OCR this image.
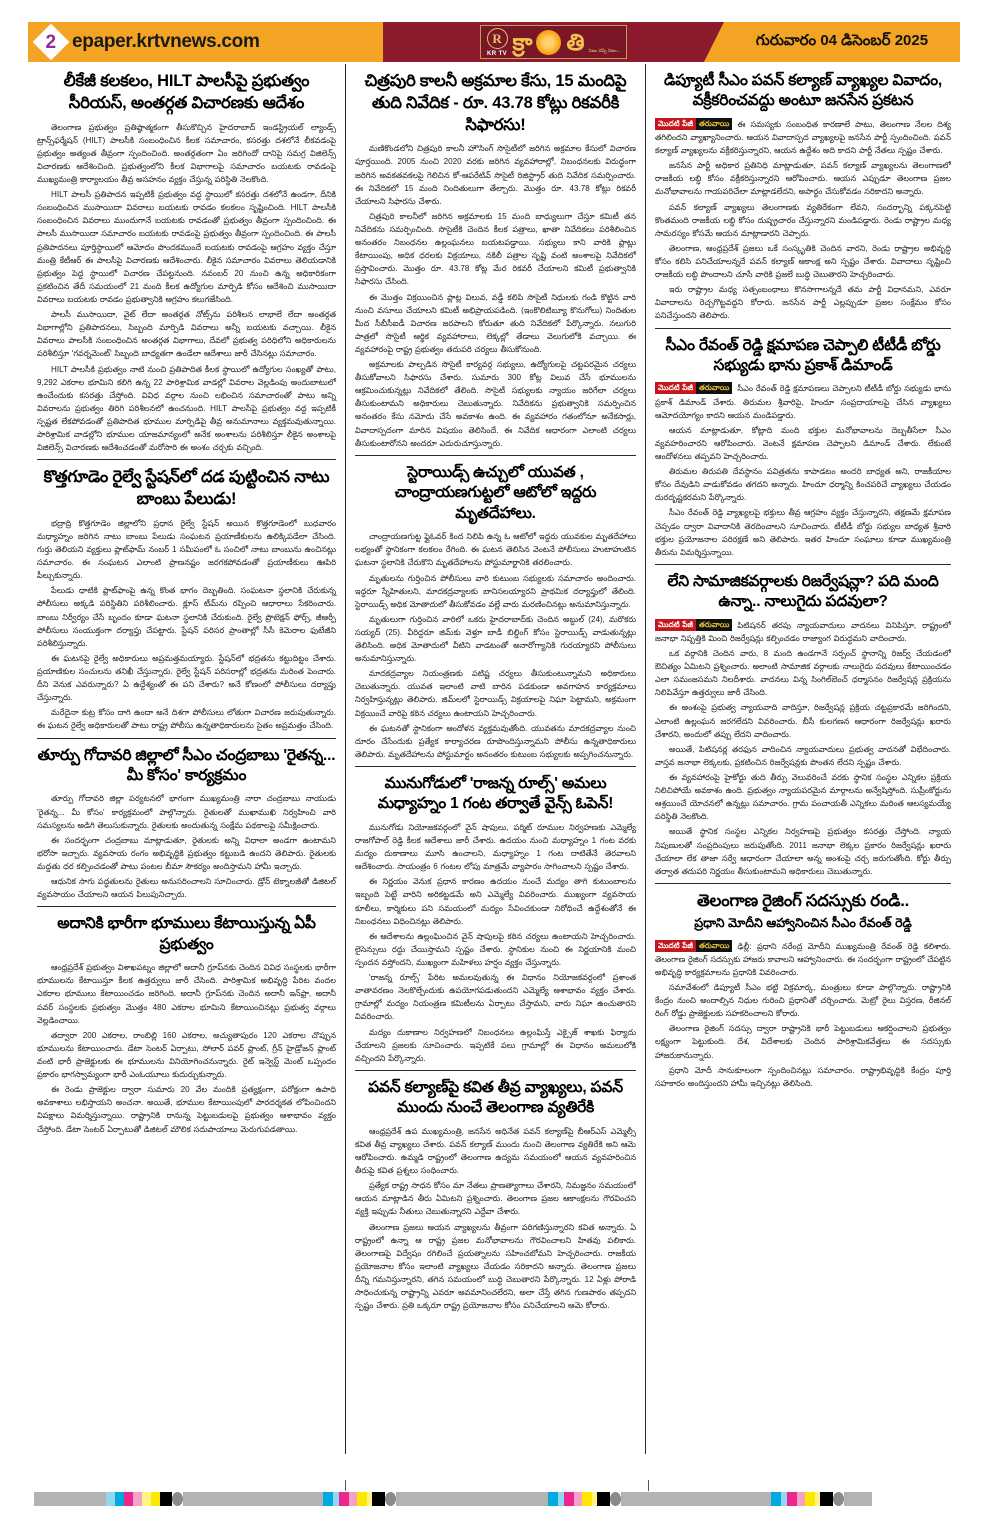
2 epaper.krtvnews.com	R
KR TV క్రా తి నిజం చెప్పే నిజం...
గురువారం 04 డిసెంబర్ 2025
లీకేజీ కలకలం, HILT పాలసీపై ప్రభుత్వం సీరియస్, అంతర్గత విచారణకు ఆదేశం

తెలంగాణ ప్రభుత్వం ప్రతిష్ఠాత్మకంగా తీసుకొచ్చిన హైదరాబాద్ ఇండస్ట్రియల్ ల్యాండ్స్ ట్రాన్స్‌ఫర్మేషన్ (HILT) పాలసీకి సంబంధించిన కీలక సమాచారం, కసరత్తు దశలోనే లీకవడంపై ప్రభుత్వం అత్యంత తీవ్రంగా స్పందించింది. అంతర్గతంగా ఏం జరిగిందో దానిపై సమగ్ర విజిలెన్స్ విచారణకు ఆదేశించింది. ప్రభుత్వంలోని కీలక విభాగాలపై సమాచారం బయటకు రావడంపై ముఖ్యమంత్రి కార్యాలయం తీవ్ర అసహనం వ్యక్తం చేస్తున్న పరిస్థితి నెలకొంది.

HILT పాలసీ ప్రతిపాదన ఇప్పటికీ ప్రభుత్వం వద్ద స్థాయిలో కసరత్తు దశలోనే ఉండగా, దీనికి సంబంధించిన ముసాయిదా వివరాలు బయటకు రావడం కలకలం సృష్టించింది. HILT పాలసీకి సంబంధించిన వివరాలు ముందుగానే బయటకు రావడంతో ప్రభుత్వం తీవ్రంగా స్పందించింది. ఈ పాలసీ ముసాయిదా సమాచారం బయటకు రావడంపై ప్రభుత్వం తీవ్రంగా స్పందించింది. ఈ పాలసీ ప్రతిపాదనలు పూర్తిస్థాయిలో ఆమోదం పొందకముందే బయటకు రావడంపై ఆగ్రహం వ్యక్తం చేస్తూ మంత్రి కేటీఆర్ ఈ పాలసీపై విచారణకు ఆదేశించారు. లీకైన సమాచారం వివరాలు తెలియడానికి ప్రభుత్వం పెద్ద స్థాయిలో విచారణ చేపట్టనుంది. నవంబర్ 20 నుంచి ఉన్న అధికారికంగా ప్రకటించిన తేదీ సమయంలో 21 మంది కీలక ఉద్యోగుల మార్పిడి కోసం ఆదేశించి ముసాయిదా వివరాలు బయటకు రావడం ప్రభుత్వానికి ఆగ్రహం కలుగజేసింది.

పాలసీ ముసాయిదా, వైట్ లేదా అంతర్గత నోట్స్‌ను పరిశీలన లాభాలే లేదా అంతర్గత విభాగాల్లోని ప్రతిపాదనలు, సిబ్బంది మార్పిడి వివరాలు అన్నీ బయటకు వచ్చాయి. లీకైన వివరాలు పాలసీకి సంబంధించిన అంతర్గత విభాగాలు, దేవలో ప్రభుత్వ పరిధిలోని అధికారులను పరిశీలిస్తూ 'గవర్నమెంట్‌' సిబ్బంది బాధ్యతగా ఉండేలా ఆదేశాలు జారీ చేసినట్లు సమాచారం.

HILT పాలసీకి ప్రభుత్వం నాటి నుంచి ప్రతిపాదిత కీలక స్థాయిలో ఉద్యోగుల సంఖ్యతో పాటు, 9,292 ఎకరాల భూమిని కలిగి ఉన్న 22 పారిశ్రామిక వాడల్లో వివరాల వెల్లడింపు అందుబాటులో ఉంచేందుకు కసరత్తు చేస్తోంది. వివిధ వర్గాల నుంచి లభించిన సమాచారంతో పాటు అన్ని వివరాలను ప్రభుత్వం తిరిగి పరిశీలనలో ఉంచనుంది. HILT పాలసీపై ప్రభుత్వం వద్ద ఇప్పటికీ స్పష్టత లేకపోవడంతో ప్రతిపాదిత భూముల మార్పిడిపై తీవ్ర అనుమానాలు వ్యక్తమవుతున్నాయి. పారిశ్రామిక వాడల్లోని భూముల యాజమాన్యంలో అనేక అంశాలను పరిశీలిస్తూ లీకైన అంశాలపై విజిలెన్స్ విచారణకు ఆదేశించడంతో మరోసారి ఈ అంశం చర్చకు వచ్చింది.

కొత్తగూడెం రైల్వే స్టేషన్‌లో దడ పుట్టించిన నాటు బాంబు పేలుడు!

భద్రాద్రి కొత్తగూడెం జిల్లాలోని ప్రధాన రైల్వే స్టేషన్ అయిన కొత్తగూడెంలో బుధవారం మధ్యాహ్నం జరిగిన నాటు బాంబు పేలుడు సంఘటన ప్రయాణీకులను ఉలిక్కిపడేలా చేసింది. గుర్తు తెలియని వ్యక్తులు ప్లాట్‌ఫామ్ నంబర్ 1 సమీపంలో ఓ సంచిలో నాటు బాంబును ఉంచినట్లు సమాచారం. ఈ సంఘటన ఎలాంటి ప్రాణనష్టం జరగకపోవడంతో ప్రయాణీకులు ఊపిరి పీల్చుకున్నారు.

పేలుడు ధాటికి ప్లాట్‌ఫాంపై ఉన్న కొంత భాగం దెబ్బతింది. సంఘటనా స్థలానికి చేరుకున్న పోలీసులు అక్కడి పరిస్థితిని పరిశీలించారు. క్లూస్ టీమ్‌ను రప్పించి ఆధారాలు సేకరించారు. బాంబు నిర్వీర్యం చేసే బృందం కూడా ఘటనా స్థలానికి చేరుకుంది. రైల్వే ప్రొటెక్షన్ ఫోర్స్, జీఆర్పీ పోలీసులు సంయుక్తంగా దర్యాప్తు చేపట్టారు. స్టేషన్ పరిసర ప్రాంతాల్లో సీసీ కెమెరాల ఫుటేజీని పరిశీలిస్తున్నారు.

ఈ ఘటనపై రైల్వే అధికారులు అప్రమత్తమయ్యారు. స్టేషన్‌లో భద్రతను కట్టుదిట్టం చేశారు. ప్రయాణికుల సంచులను తనిఖీ చేస్తున్నారు. రైల్వే స్టేషన్ పరిసరాల్లో భద్రతను మరింత పెంచారు. దీని వెనుక ఎవరున్నారు? ఏ ఉద్దేశ్యంతో ఈ పని చేశారు? అనే కోణంలో పోలీసులు దర్యాప్తు చేస్తున్నారు.

మరేదైనా కుట్ర కోసం దాగి ఉందా అనే దిశగా పోలీసులు లోతుగా విచారణ జరుపుతున్నారు. ఈ ఘటన రైల్వే అధికారులతో పాటు రాష్ట్ర పోలీసు ఉన్నతాధికారులను సైతం అప్రమత్తం చేసింది.

తూర్పు గోదావరి జిల్లాలో సీఎం చంద్రబాబు 'రైతన్న... మీ కోసం' కార్యక్రమం

తూర్పు గోదావరి జిల్లా పర్యటనలో భాగంగా ముఖ్యమంత్రి నారా చంద్రబాబు నాయుడు 'రైతన్న... మీ కోసం' కార్యక్రమంలో పాల్గొన్నారు. రైతులతో ముఖాముఖి నిర్వహించి వారి సమస్యలను అడిగి తెలుసుకున్నారు. రైతులకు అందుతున్న సంక్షేమ పథకాలపై సమీక్షించారు.

ఈ సందర్భంగా చంద్రబాబు మాట్లాడుతూ, రైతులకు అన్ని విధాలా అండగా ఉంటామని భరోసా ఇచ్చారు. వ్యవసాయ రంగం అభివృద్ధికి ప్రభుత్వం కట్టుబడి ఉందని తెలిపారు. రైతులకు మద్దతు ధర కల్పించడంతో పాటు పంటల బీమా సౌకర్యం అందిస్తామని హామీ ఇచ్చారు.

ఆధునిక సాగు పద్ధతులను రైతులు అనుసరించాలని సూచించారు. డ్రోన్ టెక్నాలజీతో డిజిటల్ వ్యవసాయం చేయాలని ఆయన పిలుపునిచ్చారు.

అదానికి భారీగా భూములు కేటాయిస్తున్న ఏపీ ప్రభుత్వం

ఆంధ్రప్రదేశ్ ప్రభుత్వం విశాఖపట్నం జిల్లాలో అదానీ గ్రూప్‌నకు చెందిన వివిధ సంస్థలకు భారీగా భూములను కేటాయిస్తూ కీలక ఉత్తర్వులు జారీ చేసింది. పారిశ్రామిక అభివృద్ధి పేరిట వందల ఎకరాల భూములు కేటాయించడం జరిగింది. అదానీ గ్రూప్‌నకు చెందిన అదానీ ఇన్‌ఫ్రా, అదానీ పవర్ సంస్థలకు ప్రభుత్వం మొత్తం 480 ఎకరాల భూమిని కేటాయించినట్లు ప్రభుత్వ వర్గాలు వెల్లడించాయి.

తద్వారా 200 ఎకరాల, రాంబిల్లి 160 ఎకరాల, అచ్యుతాపురం 120 ఎకరాల చొప్పున భూములను కేటాయించారు. డేటా సెంటర్ ఏర్పాటు, సోలార్ పవర్ ప్లాంట్, గ్రీన్ హైడ్రోజన్ ప్లాంట్ వంటి భారీ ప్రాజెక్టులకు ఈ భూములను వినియోగించనున్నారు. రైట్ ఇన్వెస్ట్ మెంట్ ఒప్పందం ప్రకారం భాగస్వామ్యంగా భారీ ఎంఓయూలు కుదుర్చుకున్నారు.

ఈ రెండు ప్రాజెక్టుల ద్వారా సుమారు 20 వేల మందికి ప్రత్యక్షంగా, పరోక్షంగా ఉపాధి అవకాశాలు లభిస్తాయని అంచనా. అయితే, భూముల కేటాయింపులో పారదర్శకత లోపించిందని విపక్షాలు విమర్శిస్తున్నాయి. రాష్ట్రానికి రానున్న పెట్టుబడులపై ప్రభుత్వం ఆశాభావం వ్యక్తం చేస్తోంది. డేటా సెంటర్ ఏర్పాటుతో డిజిటల్ మౌలిక సదుపాయాలు మెరుగుపడతాయి.

చిత్రపురి కాలనీ అక్రమాల కేసు, 15 మందిపై తుది నివేదిక - రూ. 43.78 కోట్లు రికవరీకి సిఫారసు!

మణికొండలోని చిత్రపురి కాలనీ హౌసింగ్ సొసైటీలో జరిగిన అక్రమాల కేసులో విచారణ పూర్తయింది. 2005 నుంచి 2020 వరకు జరిగిన వ్యవహారాల్లో, నిబంధనలకు విరుద్ధంగా జరిగిన అవకతవకలపై గెలిచిన కో-ఆపరేటివ్ సొసైటీ రిజిస్ట్రార్ తుది నివేదిక సమర్పించారు. ఈ నివేదికలో 15 మంది నిందితులుగా తేల్చారు. మొత్తం రూ. 43.78 కోట్లు రికవరీ చేయాలని సిఫారసు చేశారు.

చిత్రపురి కాలనీలో జరిగిన అక్రమాలకు 15 మంది బాధ్యులుగా చేస్తూ కమిటీ తన నివేదికను సమర్పించింది. సొసైటీకి చెందిన కీలక పత్రాలు, ఖాతా నివేదికలు పరిశీలించిన అనంతరం నిబంధనల ఉల్లంఘనలు బయటపడ్డాయి. సభ్యులు కాని వారికి ప్లాట్లు కేటాయింపు, అధిక ధరలకు విక్రయాలు, నకిలీ పత్రాల సృష్టి వంటి అంశాలపై నివేదికలో ప్రస్తావించారు. మొత్తం రూ. 43.78 కోట్ల మేర రికవరీ చేయాలని కమిటీ ప్రభుత్వానికి సిఫారసు చేసింది.

ఈ మొత్తం విక్రయించిన ప్లాట్ల విలువ, వడ్డీ కలిపి సొసైటీ నిధులకు గండి కొట్టిన వారి నుంచి వసూలు చేయాలని కమిటీ అభిప్రాయపడింది. (ఇంకొలిటిబ్యూ కొనుగోలు) నిందితుల మీద సీబీసీఐడీ విచారణ జరపాలని కోరుతూ తుది నివేదికలో పేర్కొన్నారు. నలుగురి పాత్రలో సొసైటీ ఆర్థిక వ్యవహారాలు, లెక్కల్లో తేడాలు వెలుగులోకి వచ్చాయి. ఈ వ్యవహారంపై రాష్ట్ర ప్రభుత్వం తదుపరి చర్యలు తీసుకోనుంది.

అక్రమాలకు పాల్పడిన సొసైటీ కార్యవర్గ సభ్యులు, ఉద్యోగులపై చట్టపరమైన చర్యలు తీసుకోవాలని సిఫారసు చేశారు. సుమారు 300 కోట్ల విలువ చేసే భూములను ఆక్రమించుకున్నట్లు నివేదికలో తేలింది. సొసైటీ సభ్యులకు న్యాయం జరిగేలా చర్యలు తీసుకుంటామని అధికారులు చెబుతున్నారు. నివేదికను ప్రభుత్వానికి సమర్పించిన అనంతరం కేసు నమోదు చేసే అవకాశం ఉంది. ఈ వ్యవహారం గతంలోనూ అనేకసార్లు, వివాదాస్పదంగా మారిన విషయం తెలిసిందే. ఈ నివేదిక ఆధారంగా ఎలాంటి చర్యలు తీసుకుంటారోనని అందరూ ఎదురుచూస్తున్నారు.

స్టెరాయిడ్స్ ఉచ్చులో యువత , చాంద్రాయణగుట్టలో ఆటోలో ఇద్దరు మృతదేహాలు.

చాంద్రాయణగుట్ట ఫ్లైఓవర్ కింద నిలిపి ఉన్న ఓ ఆటోలో ఇద్దరు యువకుల మృతదేహాలు లభ్యంతో స్థానికంగా కలకలం రేగింది. ఈ ఘటన తెలిసిన వెంటనే పోలీసులు హుటాహుటిన ఘటనా స్థలానికి చేరుకొని మృతదేహాలను పోస్టుమార్టానికి తరలించారు.

మృతులను గుర్తించిన పోలీసులు వారి కుటుంబ సభ్యులకు సమాచారం అందించారు. ఇద్దరూ స్నేహితులని, మాదకద్రవ్యాలకు బానిసలయ్యారని ప్రాథమిక దర్యాప్తులో తేలింది. స్టెరాయిడ్స్ అధిక మోతాదులో తీసుకోవడం వల్లే వారు మరణించినట్లు అనుమానిస్తున్నారు.

మృతులుగా గుర్తించిన వారిలో ఒకరు హైదరాబాద్‌కు చెందిన అబ్దుల్ (24), మరొకరు సయ్యద్ (25). వీరిద్దరూ జిమ్‌కు వెళ్తూ బాడీ బిల్డింగ్ కోసం స్టెరాయిడ్స్ వాడుతున్నట్లు తెలిసింది. అధిక మోతాదులో వీటిని వాడటంతో అనారోగ్యానికి గురయ్యారని పోలీసులు అనుమానిస్తున్నారు.

మాదకద్రవ్యాల నియంత్రణకు పటిష్ట చర్యలు తీసుకుంటున్నామని అధికారులు చెబుతున్నారు. యువత ఇలాంటి వాటి బారిన పడకుండా అవగాహన కార్యక్రమాలు నిర్వహిస్తున్నట్లు తెలిపారు. జిమ్‌లలో స్టెరాయిడ్స్ విక్రయాలపై నిఘా పెట్టామని, అక్రమంగా విక్రయించే వారిపై కఠిన చర్యలు ఉంటాయని హెచ్చరించారు.

ఈ ఘటనతో స్థానికంగా ఆందోళన వ్యక్తమవుతోంది. యువతను మాదకద్రవ్యాల నుంచి దూరం చేసేందుకు ప్రత్యేక కార్యాచరణ రూపొందిస్తున్నామని పోలీసు ఉన్నతాధికారులు తెలిపారు. మృతదేహాలను పోస్టుమార్టం అనంతరం కుటుంబ సభ్యులకు అప్పగించనున్నారు.

మునుగోడులో 'రాజన్న రూల్స్' అమలు మధ్యాహ్నం 1 గంట తర్వాతే వైన్స్ ఓపెన్!

మునుగోడు నియోజకవర్గంలో వైన్ షాపులు, పర్మిట్ రూముల నిర్వహణకు ఎమ్మెల్యే రాజగోపాల్ రెడ్డి కీలక ఆదేశాలు జారీ చేశారు. ఉదయం నుంచి మధ్యాహ్నం 1 గంట వరకు మద్యం దుకాణాలు మూసి ఉంచాలని, మధ్యాహ్నం 1 గంట దాటితేనే తెరవాలని ఆదేశించారు. సాయంత్రం 6 గంటల లోపు మాత్రమే వ్యాపారం సాగించాలని స్పష్టం చేశారు.

ఈ నిర్ణయం వెనుక ప్రధాన కారణం ఉదయం నుంచే మద్యం తాగి కుటుంబాలను ఇబ్బంది పెట్టే వారిని అరికట్టడమే అని ఎమ్మెల్యే వివరించారు. ముఖ్యంగా వ్యవసాయ కూలీలు, కార్మికులు పని సమయంలో మద్యం సేవించకుండా నిరోధించే ఉద్దేశంతోనే ఈ నిబంధనలు విధించినట్లు తెలిపారు.

ఈ ఆదేశాలను ఉల్లంఘించిన వైన్ షాపులపై కఠిన చర్యలు ఉంటాయని హెచ్చరించారు. లైసెన్సులు రద్దు చేయిస్తామని స్పష్టం చేశారు. స్థానికుల నుంచి ఈ నిర్ణయానికి మంచి స్పందన వస్తోందని, ముఖ్యంగా మహిళలు హర్షం వ్యక్తం చేస్తున్నారు.

'రాజన్న రూల్స్' పేరిట అమలవుతున్న ఈ విధానం నియోజకవర్గంలో ప్రశాంత వాతావరణం నెలకొల్పేందుకు ఉపయోగపడుతుందని ఎమ్మెల్యే ఆశాభావం వ్యక్తం చేశారు. గ్రామాల్లో మద్యం నియంత్రణ కమిటీలను ఏర్పాటు చేస్తామని, వారు నిఘా ఉంచుతారని వివరించారు.

మద్యం దుకాణాల నిర్వహణలో నిబంధనలు ఉల్లంఘిస్తే ఎక్సైజ్ శాఖకు ఫిర్యాదు చేయాలని ప్రజలకు సూచించారు. ఇప్పటికే పలు గ్రామాల్లో ఈ విధానం అమలులోకి వచ్చిందని పేర్కొన్నారు.

పవన్ కల్యాణ్‌పై కవిత తీవ్ర వ్యాఖ్యలు, పవన్ ముందు నుంచే తెలంగాణ వ్యతిరేకి

ఆంధ్రప్రదేశ్ ఉప ముఖ్యమంత్రి, జనసేన అధినేత పవన్ కల్యాణ్‌పై బీఆర్ఎస్ ఎమ్మెల్సీ కవిత తీవ్ర వ్యాఖ్యలు చేశారు. పవన్ కల్యాణ్ ముందు నుంచి తెలంగాణ వ్యతిరేకి అని ఆమె ఆరోపించారు. ఉమ్మడి రాష్ట్రంలో తెలంగాణ ఉద్యమ సమయంలో ఆయన వ్యవహరించిన తీరుపై కవిత ప్రశ్నలు సంధించారు.

ప్రత్యేక రాష్ట్ర సాధన కోసం మా నేతలు ప్రాణత్యాగాలు చేశారని, నిమజ్జనం సమయంలో ఆయన మాట్లాడిన తీరు ఏమిటని ప్రశ్నించారు. తెలంగాణ ప్రజల ఆకాంక్షలను గౌరవించని వ్యక్తి ఇప్పుడు నీతులు చెబుతున్నారని ఎద్దేవా చేశారు.

తెలంగాణ ప్రజలు ఆయన వ్యాఖ్యలను తీవ్రంగా పరిగణిస్తున్నారని కవిత అన్నారు. ఏ రాష్ట్రంలో ఉన్నా ఆ రాష్ట్ర ప్రజల మనోభావాలను గౌరవించాలని హితవు పలికారు. తెలంగాణపై విద్వేషం రగిలించే ప్రయత్నాలను సహించబోమని హెచ్చరించారు. రాజకీయ ప్రయోజనాల కోసం ఇలాంటి వ్యాఖ్యలు చేయడం సరికాదని అన్నారు. తెలంగాణ ప్రజలు దీన్ని గమనిస్తున్నారని, తగిన సమయంలో బుద్ధి చెబుతారని పేర్కొన్నారు. 12 ఏళ్లు పోరాడి సాధించుకున్న రాష్ట్రాన్ని ఎవరూ అవమానించలేరని, అలా చేస్తే తగిన గుణపాఠం తప్పదని స్పష్టం చేశారు. ప్రతి ఒక్కరూ రాష్ట్ర ప్రయోజనాల కోసం పనిచేయాలని ఆమె కోరారు.

డిప్యూటీ సీఎం పవన్ కల్యాణ్ వ్యాఖ్యల వివాదం, వక్రీకరించవద్దు అంటూ జనసేన ప్రకటన

మొదటి పేజీ తరువాయి ఈ సమస్యకు సంబంధిత కారణాలే పాటు, తెలంగాణ నేలల దిశ్య తగిలిందని వ్యాఖ్యానించారు. ఆయన వివాదాస్పద వ్యాఖ్యలపై జనసేన పార్టీ స్పందించింది. పవన్ కల్యాణ్ వ్యాఖ్యలను వక్రీకరిస్తున్నారని, ఆయన ఉద్దేశం అది కాదని పార్టీ నేతలు స్పష్టం చేశారు.

జనసేన పార్టీ అధికార ప్రతినిధి మాట్లాడుతూ, పవన్ కల్యాణ్ వ్యాఖ్యలను తెలంగాణలో రాజకీయ లబ్ధి కోసం వక్రీకరిస్తున్నారని ఆరోపించారు. ఆయన ఎప్పుడూ తెలంగాణ ప్రజల మనోభావాలను గాయపరిచేలా మాట్లాడలేదని, అపార్థం చేసుకోవడం సరికాదని అన్నారు.

పవన్ కల్యాణ్ వ్యాఖ్యలు తెలంగాణకు వ్యతిరేకంగా లేవని, సందర్భాన్ని పక్కనపెట్టి కొంతమంది రాజకీయ లబ్ధి కోసం దుష్ప్రచారం చేస్తున్నారని మండిపడ్డారు. రెండు రాష్ట్రాల మధ్య సామరస్యం కోసమే ఆయన మాట్లాడారని చెప్పారు.

తెలంగాణ, ఆంధ్రప్రదేశ్ ప్రజలు ఒకే సంస్కృతికి చెందిన వారని, రెండు రాష్ట్రాల అభివృద్ధి కోసం కలిసి పనిచేయాలన్నదే పవన్ కల్యాణ్ ఆకాంక్ష అని స్పష్టం చేశారు. వివాదాలు సృష్టించి రాజకీయ లబ్ధి పొందాలని చూసే వారికి ప్రజలే బుద్ధి చెబుతారని హెచ్చరించారు.

ఇరు రాష్ట్రాల మధ్య సత్సంబంధాలు కొనసాగాలన్నదే తమ పార్టీ విధానమని, ఎవరూ వివాదాలను రెచ్చగొట్టవద్దని కోరారు. జనసేన పార్టీ ఎల్లప్పుడూ ప్రజల సంక్షేమం కోసం పనిచేస్తుందని తెలిపారు.

సీఎం రేవంత్ రెడ్డి క్షమాపణ చెప్పాలి టీటీడీ బోర్డు సభ్యుడు భాను ప్రకాశ్ డిమాండ్

మొదటి పేజీ తరువాయి సీఎం రేవంత్ రెడ్డి క్షమాపణలు చెప్పాలని టీటీడీ బోర్డు సభ్యుడు భాను ప్రకాశ్ డిమాండ్ చేశారు. తిరుమల శ్రీవారిపై, హిందూ సంప్రదాయాలపై చేసిన వ్యాఖ్యలు ఆమోదయోగ్యం కాదని ఆయన మండిపడ్డారు.

ఆయన మాట్లాడుతూ, కోట్లాది మంది భక్తుల మనోభావాలను దెబ్బతీసేలా సీఎం వ్యవహరించారని ఆరోపించారు. వెంటనే క్షమాపణ చెప్పాలని డిమాండ్ చేశారు. లేకుంటే ఆందోళనలు తప్పవని హెచ్చరించారు.

తిరుమల తిరుపతి దేవస్థానం పవిత్రతను కాపాడటం అందరి బాధ్యత అని, రాజకీయాల కోసం దేవుడిని వాడుకోవడం తగదని అన్నారు. హిందూ ధర్మాన్ని కించపరిచే వ్యాఖ్యలు చేయడం దురదృష్టకరమని పేర్కొన్నారు.

సీఎం రేవంత్ రెడ్డి వ్యాఖ్యలపై భక్తులు తీవ్ర ఆగ్రహం వ్యక్తం చేస్తున్నారని, తక్షణమే క్షమాపణ చెప్పడం ద్వారా వివాదానికి తెరదించాలని సూచించారు. టీటీడీ బోర్డు సభ్యుల బాధ్యత శ్రీవారి భక్తుల ప్రయోజనాల పరిరక్షణే అని తెలిపారు. ఇతర హిందూ సంఘాలు కూడా ముఖ్యమంత్రి తీరును విమర్శిస్తున్నాయి.

లేని సామాజికవర్గాలకు రిజర్వేషన్లా? పది మంది ఉన్నా.. నాలుగైదు పదవులా?

మొదటి పేజీ తరువాయి పిటిషనర్ తరపు న్యాయవాదులు వాదనలు వినిపిస్తూ, రాష్ట్రంలో జనాభా నిష్పత్తికి మించి రిజర్వేషన్లు కల్పించడం రాజ్యాంగ విరుద్ధమని వాదించారు.

ఒక వర్గానికి చెందిన వారు, 8 మంది ఉండగానే సర్పంచ్ స్థానాన్ని రిజర్వ్ చేయడంలో ఔచిత్యం ఏమిటని ప్రశ్నించారు. అలాంటి సామాజిక వర్గాలకు నాలుగైదు పదవులు కేటాయించడం ఎలా సమంజసమని నిలదీశారు. వాదనలు విన్న సింగిల్‌బెంచ్ ధర్మాసనం రిజర్వేషన్ల ప్రక్రియను నిలిపివేస్తూ ఉత్తర్వులు జారీ చేసింది.

ఈ అంశంపై ప్రభుత్వ న్యాయవాది వాదిస్తూ, రిజర్వేషన్ల ప్రక్రియ చట్టప్రకారమే జరిగిందని, ఎలాంటి ఉల్లంఘన జరగలేదని వివరించారు. బీసీ కులగణన ఆధారంగా రిజర్వేషన్లు ఖరారు చేశారని, అందులో తప్పు లేదని వాదించారు.

అయితే, పిటిషనర్ల తరఫున వాదించిన న్యాయవాదులు ప్రభుత్వ వాదనతో విభేదించారు. వాస్తవ జనాభా లెక్కలకు, ప్రకటించిన రిజర్వేషన్లకు పొంతన లేదని స్పష్టం చేశారు.

ఈ వ్యవహారంపై హైకోర్టు తుది తీర్పు వెలువరించే వరకు స్థానిక సంస్థల ఎన్నికల ప్రక్రియ నిలిచిపోయే అవకాశం ఉంది. ప్రభుత్వం న్యాయపరమైన మార్గాలను అన్వేషిస్తోంది. సుప్రీంకోర్టును ఆశ్రయించే యోచనలో ఉన్నట్లు సమాచారం. గ్రామ పంచాయతీ ఎన్నికలు మరింత ఆలస్యమయ్యే పరిస్థితి నెలకొంది.

అయితే స్థానిక సంస్థల ఎన్నికల నిర్వహణపై ప్రభుత్వం కసరత్తు చేస్తోంది. న్యాయ నిపుణులతో సంప్రదింపులు జరుపుతోంది. 2011 జనాభా లెక్కల ప్రకారం రిజర్వేషన్లు ఖరారు చేయాలా లేక తాజా సర్వే ఆధారంగా చేయాలా అన్న అంశంపై చర్చ జరుగుతోంది. కోర్టు తీర్పు తర్వాత తదుపరి నిర్ణయం తీసుకుంటామని అధికారులు చెబుతున్నారు.

తెలంగాణ రైజింగ్ సదస్సుకు రండి..
ప్రధాని మోదీని ఆహ్వానించిన సీఎం రేవంత్ రెడ్డి

మొదటి పేజీ తరువాయి ఢిల్లీ: ప్రధాని నరేంద్ర మోదీని ముఖ్యమంత్రి రేవంత్ రెడ్డి కలిశారు. తెలంగాణ రైజింగ్ సదస్సుకు హాజరు కావాలని ఆహ్వానించారు. ఈ సందర్భంగా రాష్ట్రంలో చేపట్టిన అభివృద్ధి కార్యక్రమాలను ప్రధానికి వివరించారు.

సమావేశంలో డిప్యూటీ సీఎం భట్టి విక్రమార్క, మంత్రులు కూడా పాల్గొన్నారు. రాష్ట్రానికి కేంద్రం నుంచి అందాల్సిన నిధుల గురించి ప్రధానితో చర్చించారు. మెట్రో రైలు విస్తరణ, రీజినల్ రింగ్ రోడ్డు ప్రాజెక్టులకు సహకరించాలని కోరారు.

తెలంగాణ రైజింగ్ సదస్సు ద్వారా రాష్ట్రానికి భారీ పెట్టుబడులు ఆకర్షించాలని ప్రభుత్వం లక్ష్యంగా పెట్టుకుంది. దేశ, విదేశాలకు చెందిన పారిశ్రామికవేత్తలు ఈ సదస్సుకు హాజరుకానున్నారు.

ప్రధాని మోదీ సానుకూలంగా స్పందించినట్లు సమాచారం. రాష్ట్రాభివృద్ధికి కేంద్రం పూర్తి సహకారం అందిస్తుందని హామీ ఇచ్చినట్లు తెలిసింది.
